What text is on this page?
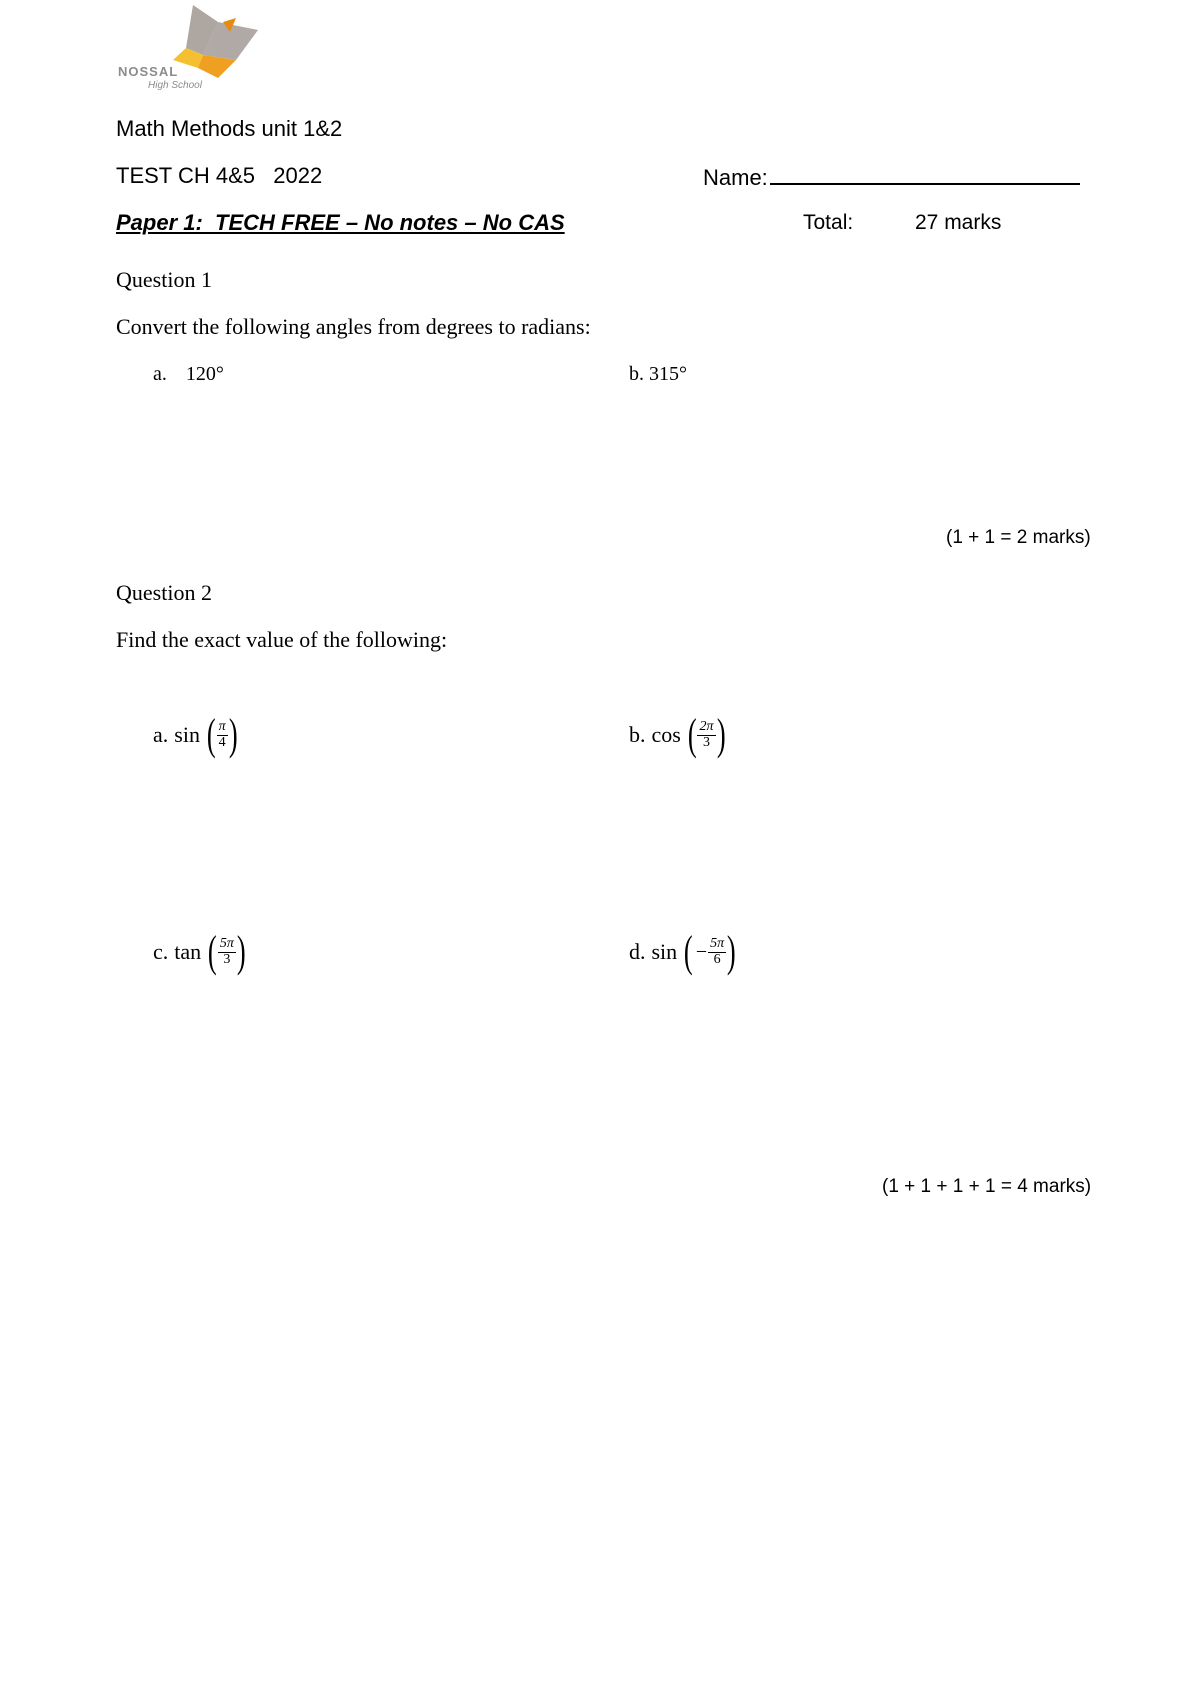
NOSSAL
High School
Math Methods unit 1&2
TEST CH 4&5   2022	Name:
Paper 1:  TECH FREE – No notes – No CAS	Total:	27 marks
Question 1
Convert the following angles from degrees to radians:
a. 120°	b. 315°
(1 + 1 = 2 marks)
Question 2
Find the exact value of the following:
a. sin ( $\frac{\pi}{4}$ )	b. cos ( $\frac{2\pi}{3}$ )
c. tan ( $\frac{5\pi}{3}$ )	d. sin ( − $\frac{5\pi}{6}$ )
(1 + 1 + 1 + 1 = 4 marks)
